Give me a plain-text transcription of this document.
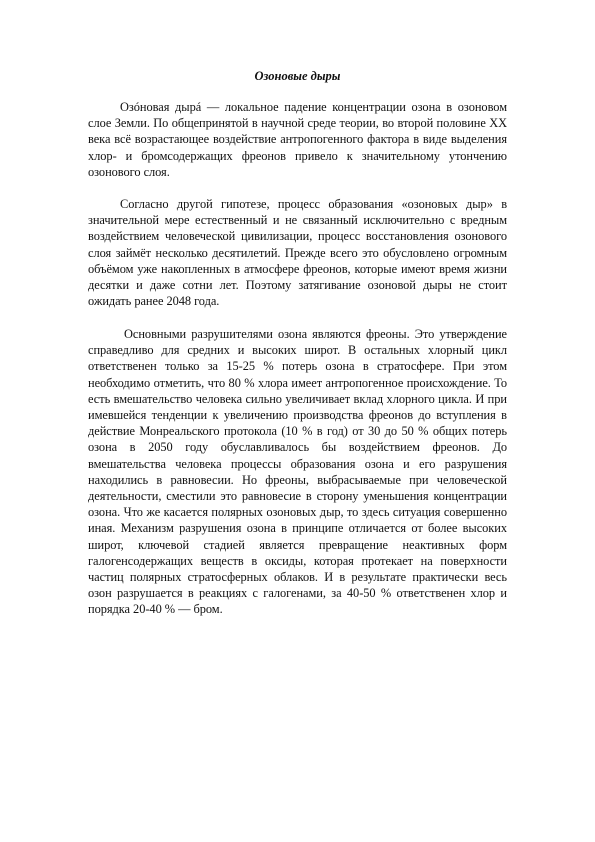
Озоновые дыры

Озóновая дырá — локальное падение концентрации озона в озоновом слое Земли. По общепринятой в научной среде теории, во второй половине XX века всё возрастающее воздействие антропогенного фактора в виде выделения хлор- и бромсодержащих фреонов привело к значительному утончению озонового слоя.

Согласно другой гипотезе, процесс образования «озоновых дыр» в значительной мере естественный и не связанный исключительно с вредным воздействием человеческой цивилизации, процесс восстановления озонового слоя займёт несколько десятилетий. Прежде всего это обусловлено огромным объёмом уже накопленных в атмосфере фреонов, которые имеют время жизни десятки и даже сотни лет. Поэтому затягивание озоновой дыры не стоит ожидать ранее 2048 года.

Основными разрушителями озона являются фреоны. Это утверждение справедливо для средних и высоких широт. В остальных хлорный цикл ответственен только за 15-25 % потерь озона в стратосфере. При этом необходимо отметить, что 80 % хлора имеет антропогенное происхождение. То есть вмешательство человека сильно увеличивает вклад хлорного цикла. И при имевшейся тенденции к увеличению производства фреонов до вступления в действие Монреальского протокола (10 % в год) от 30 до 50 % общих потерь озона в 2050 году обуславливалось бы воздействием фреонов. До вмешательства человека процессы образования озона и его разрушения находились в равновесии. Но фреоны, выбрасываемые при человеческой деятельности, сместили это равновесие в сторону уменьшения концентрации озона. Что же касается полярных озоновых дыр, то здесь ситуация совершенно иная. Механизм разрушения озона в принципе отличается от более высоких широт, ключевой стадией является превращение неактивных форм галогенсодержащих веществ в оксиды, которая протекает на поверхности частиц полярных стратосферных облаков. И в результате практически весь озон разрушается в реакциях с галогенами, за 40-50 % ответственен хлор и порядка 20-40 % — бром.
